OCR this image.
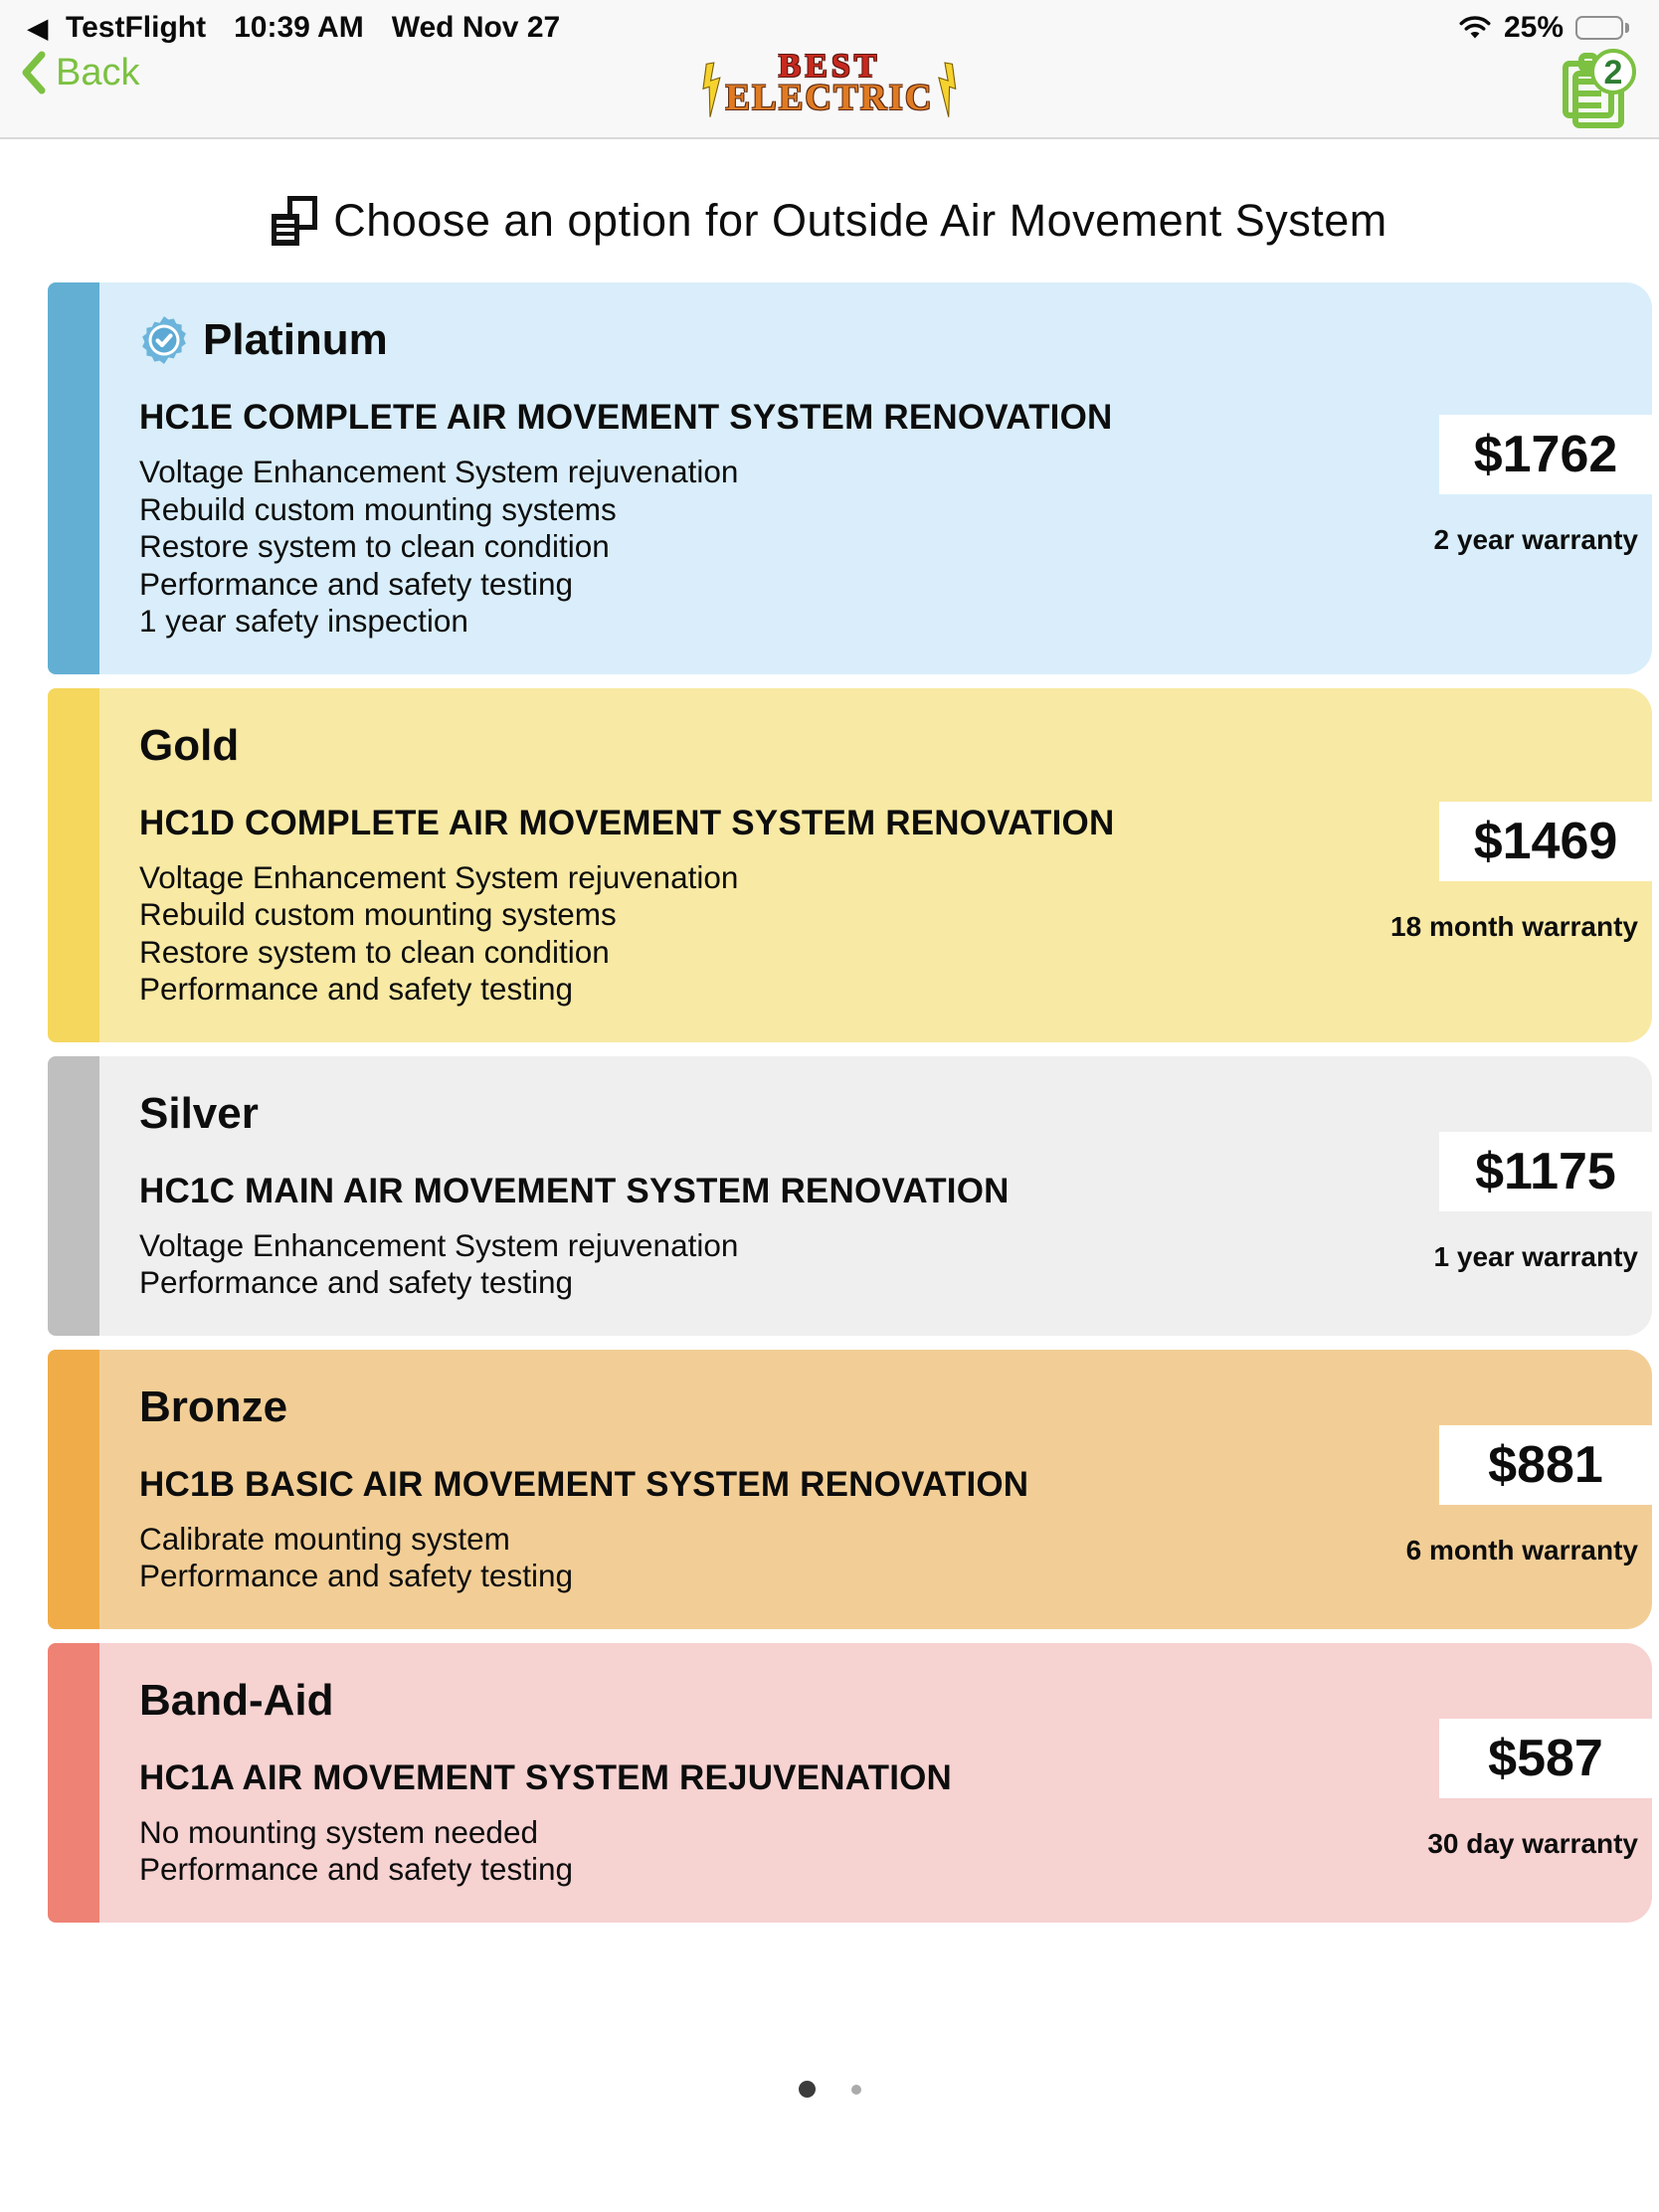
◀ TestFlight 10:39 AM Wed Nov 27	25%
Back	BEST
ELECTRIC
2
Choose an option for Outside Air Movement System
Platinum
HC1E COMPLETE AIR MOVEMENT SYSTEM RENOVATION
Voltage Enhancement System rejuvenation
Rebuild custom mounting systems
Restore system to clean condition
Performance and safety testing
1 year safety inspection
$1762
2 year warranty
Gold
HC1D COMPLETE AIR MOVEMENT SYSTEM RENOVATION
Voltage Enhancement System rejuvenation
Rebuild custom mounting systems
Restore system to clean condition
Performance and safety testing
$1469
18 month warranty
Silver
HC1C MAIN AIR MOVEMENT SYSTEM RENOVATION
Voltage Enhancement System rejuvenation
Performance and safety testing
$1175
1 year warranty
Bronze
HC1B BASIC AIR MOVEMENT SYSTEM RENOVATION
Calibrate mounting system
Performance and safety testing
$881
6 month warranty
Band-Aid
HC1A AIR MOVEMENT SYSTEM REJUVENATION
No mounting system needed
Performance and safety testing
$587
30 day warranty
